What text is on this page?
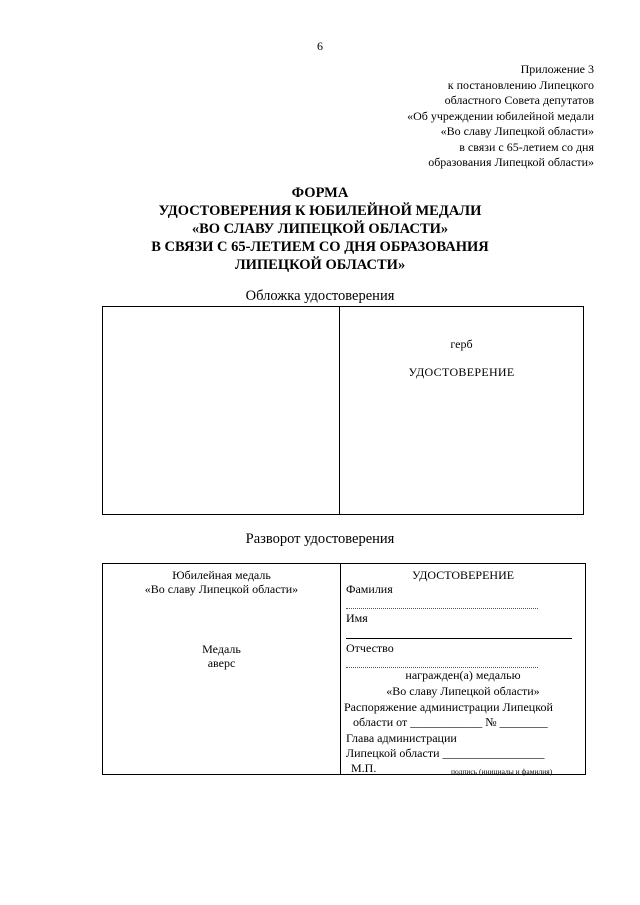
6
Приложение 3
к постановлению Липецкого
областного Совета депутатов
«Об учреждении юбилейной медали
«Во славу Липецкой области»
в связи с 65-летием со дня
образования Липецкой области»
ФОРМА
УДОСТОВЕРЕНИЯ К ЮБИЛЕЙНОЙ МЕДАЛИ
«ВО СЛАВУ ЛИПЕЦКОЙ ОБЛАСТИ»
В СВЯЗИ С 65-ЛЕТИЕМ СО ДНЯ ОБРАЗОВАНИЯ
ЛИПЕЦКОЙ ОБЛАСТИ»
Обложка удостоверения
герб
УДОСТОВЕРЕНИЕ
Разворот удостоверения
Юбилейная медаль
«Во славу Липецкой области»
Медаль
аверс
УДОСТОВЕРЕНИЕ
Фамилия
Имя
Отчество
награжден(а) медалью
«Во славу Липецкой области»
Распоряжение администрации Липецкой
области от ____________ № ________
Глава администрации
Липецкой области _________________
М.П.	подпись (инициалы и фамилия)
